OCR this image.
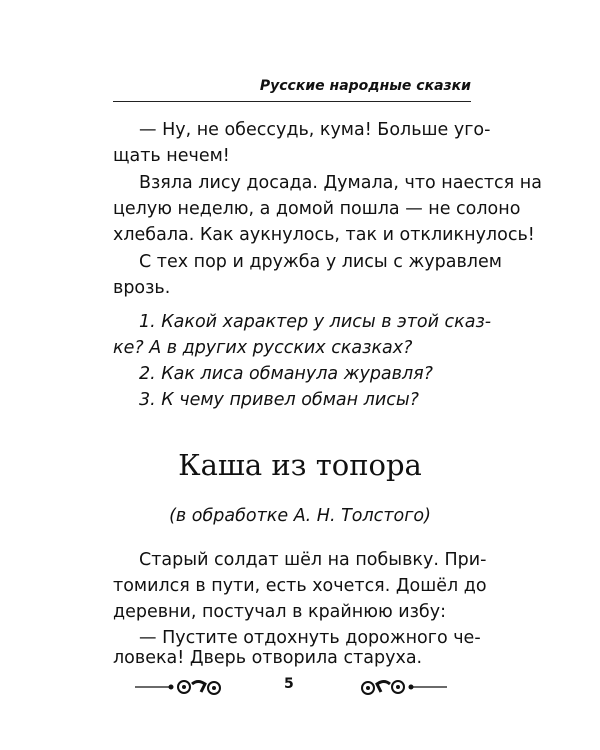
Русские народные сказки
— Ну, не обессудь, кума! Больше уго-
щать нечем!
Взяла лису досада. Думала, что наестся на
целую неделю, а домой пошла — не солоно
хлебала. Как аукнулось, так и откликнулось!
С тех пор и дружба у лисы с журавлем
врозь.
1. Какой характер у лисы в этой сказ-
ке? А в других русских сказках?
2. Как лиса обманула журавля?
3. К чему привел обман лисы?
Каша из топора
(в обработке А. Н. Толстого)
Старый солдат шёл на побывку. При-
томился в пути, есть хочется. Дошёл до
деревни, постучал в крайнюю избу:
— Пустите отдохнуть дорожного че-
ловека! Дверь отворила старуха.
5
